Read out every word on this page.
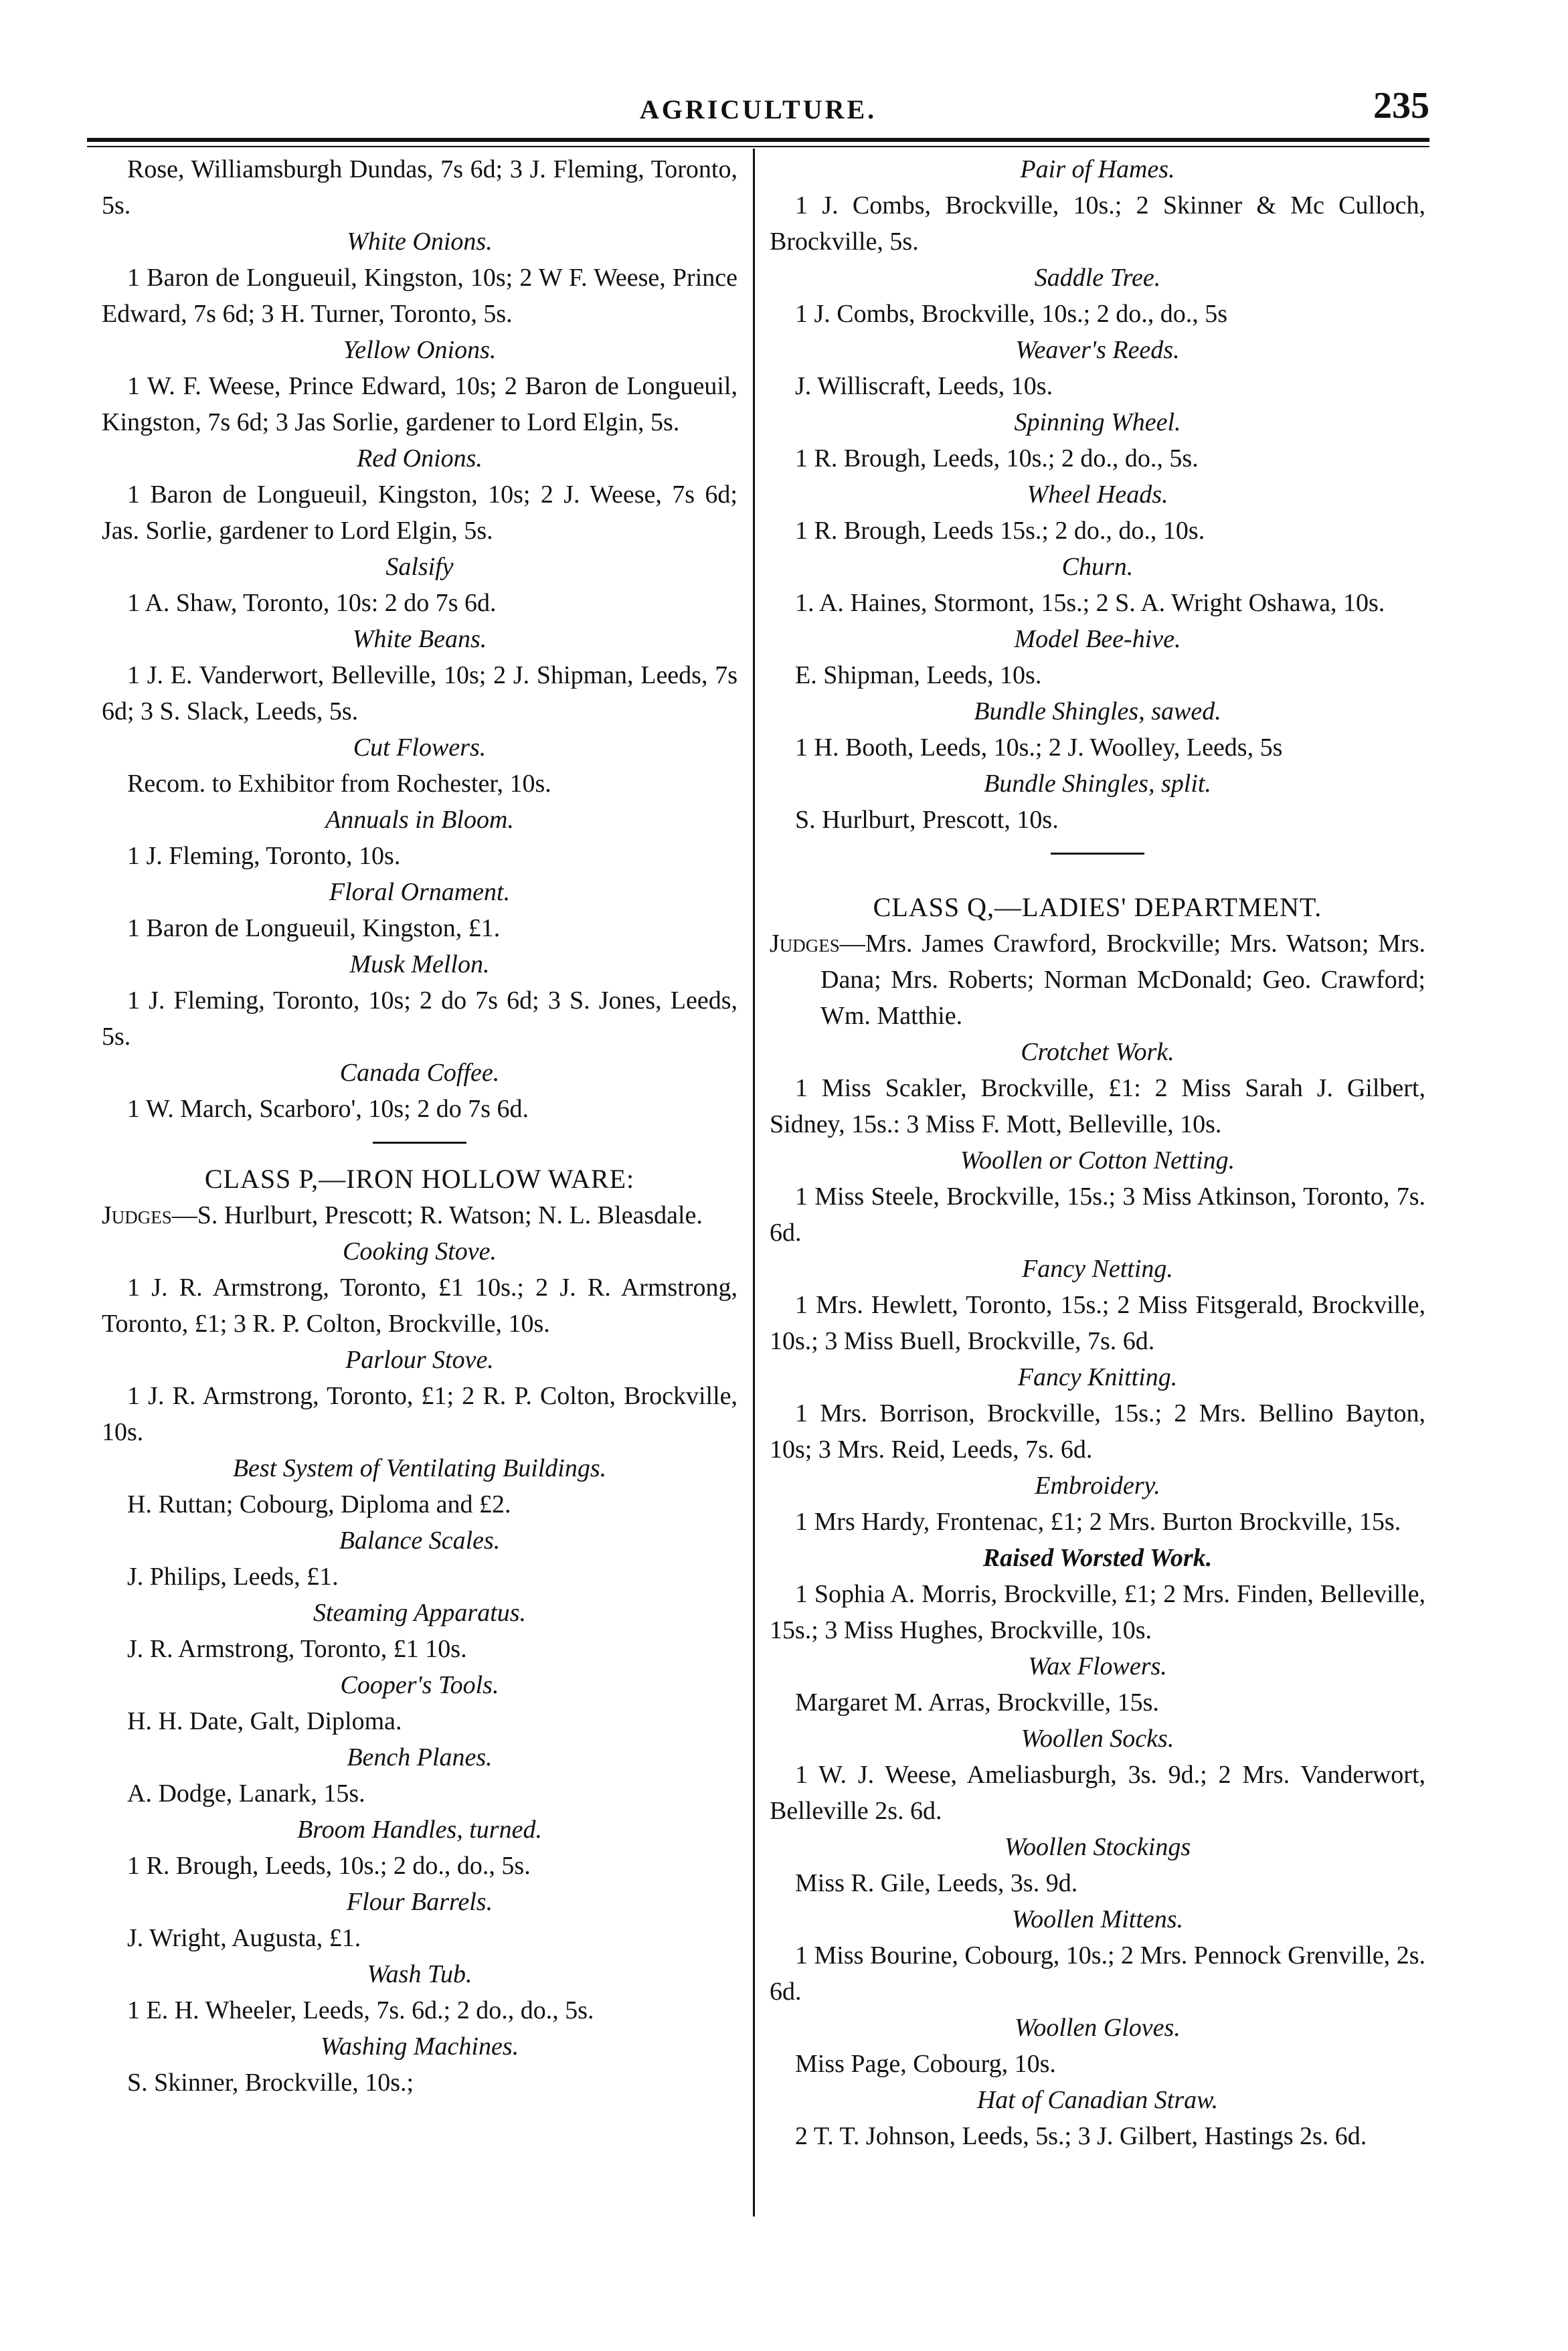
AGRICULTURE.	235

Rose, Williamsburgh Dundas, 7s 6d; 3 J. Fleming, Toronto, 5s.

White Onions.

1 Baron de Longueuil, Kingston, 10s; 2 W F. Weese, Prince Edward, 7s 6d; 3 H. Turner, Toronto, 5s.

Yellow Onions.

1 W. F. Weese, Prince Edward, 10s; 2 Baron de Longueuil, Kingston, 7s 6d; 3 Jas Sorlie, gardener to Lord Elgin, 5s.

Red Onions.

1 Baron de Longueuil, Kingston, 10s; 2 J. Weese, 7s 6d; Jas. Sorlie, gardener to Lord Elgin, 5s.

Salsify

1 A. Shaw, Toronto, 10s: 2 do 7s 6d.

White Beans.

1 J. E. Vanderwort, Belleville, 10s; 2 J. Shipman, Leeds, 7s 6d; 3 S. Slack, Leeds, 5s.

Cut Flowers.

Recom. to Exhibitor from Rochester, 10s.

Annuals in Bloom.

1 J. Fleming, Toronto, 10s.

Floral Ornament.

1 Baron de Longueuil, Kingston, £1.

Musk Mellon.

1 J. Fleming, Toronto, 10s; 2 do 7s 6d; 3 S. Jones, Leeds, 5s.

Canada Coffee.

1 W. March, Scarboro', 10s; 2 do 7s 6d.

CLASS P,—IRON HOLLOW WARE:

Judges—S. Hurlburt, Prescott; R. Watson; N. L. Bleasdale.

Cooking Stove.

1 J. R. Armstrong, Toronto, £1 10s.; 2 J. R. Armstrong, Toronto, £1; 3 R. P. Colton, Brockville, 10s.

Parlour Stove.

1 J. R. Armstrong, Toronto, £1; 2 R. P. Colton, Brockville, 10s.

Best System of Ventilating Buildings.

H. Ruttan; Cobourg, Diploma and £2.

Balance Scales.

J. Philips, Leeds, £1.

Steaming Apparatus.

J. R. Armstrong, Toronto, £1 10s.

Cooper's Tools.

H. H. Date, Galt, Diploma.

Bench Planes.

A. Dodge, Lanark, 15s.

Broom Handles, turned.

1 R. Brough, Leeds, 10s.; 2 do., do., 5s.

Flour Barrels.

J. Wright, Augusta, £1.

Wash Tub.

1 E. H. Wheeler, Leeds, 7s. 6d.; 2 do., do., 5s.

Washing Machines.

S. Skinner, Brockville, 10s.;

Pair of Hames.

1 J. Combs, Brockville, 10s.; 2 Skinner & Mc Culloch, Brockville, 5s.

Saddle Tree.

1 J. Combs, Brockville, 10s.; 2 do., do., 5s

Weaver's Reeds.

J. Williscraft, Leeds, 10s.

Spinning Wheel.

1 R. Brough, Leeds, 10s.; 2 do., do., 5s.

Wheel Heads.

1 R. Brough, Leeds 15s.; 2 do., do., 10s.

Churn.

1. A. Haines, Stormont, 15s.; 2 S. A. Wright Oshawa, 10s.

Model Bee-hive.

E. Shipman, Leeds, 10s.

Bundle Shingles, sawed.

1 H. Booth, Leeds, 10s.; 2 J. Woolley, Leeds, 5s

Bundle Shingles, split.

S. Hurlburt, Prescott, 10s.

CLASS Q,—LADIES' DEPARTMENT.

Judges—Mrs. James Crawford, Brockville; Mrs. Watson; Mrs. Dana; Mrs. Roberts; Norman McDonald; Geo. Crawford; Wm. Matthie.

Crotchet Work.

1 Miss Scakler, Brockville, £1: 2 Miss Sarah J. Gilbert, Sidney, 15s.: 3 Miss F. Mott, Belleville, 10s.

Woollen or Cotton Netting.

1 Miss Steele, Brockville, 15s.; 3 Miss Atkinson, Toronto, 7s. 6d.

Fancy Netting.

1 Mrs. Hewlett, Toronto, 15s.; 2 Miss Fitsgerald, Brockville, 10s.; 3 Miss Buell, Brockville, 7s. 6d.

Fancy Knitting.

1 Mrs. Borrison, Brockville, 15s.; 2 Mrs. Bellino Bayton, 10s; 3 Mrs. Reid, Leeds, 7s. 6d.

Embroidery.

1 Mrs Hardy, Frontenac, £1; 2 Mrs. Burton Brockville, 15s.

Raised Worsted Work.

1 Sophia A. Morris, Brockville, £1; 2 Mrs. Finden, Belleville, 15s.; 3 Miss Hughes, Brockville, 10s.

Wax Flowers.

Margaret M. Arras, Brockville, 15s.

Woollen Socks.

1 W. J. Weese, Ameliasburgh, 3s. 9d.; 2 Mrs. Vanderwort, Belleville 2s. 6d.

Woollen Stockings

Miss R. Gile, Leeds, 3s. 9d.

Woollen Mittens.

1 Miss Bourine, Cobourg, 10s.; 2 Mrs. Pennock Grenville, 2s. 6d.

Woollen Gloves.

Miss Page, Cobourg, 10s.

Hat of Canadian Straw.

2 T. T. Johnson, Leeds, 5s.; 3 J. Gilbert, Hastings 2s. 6d.
